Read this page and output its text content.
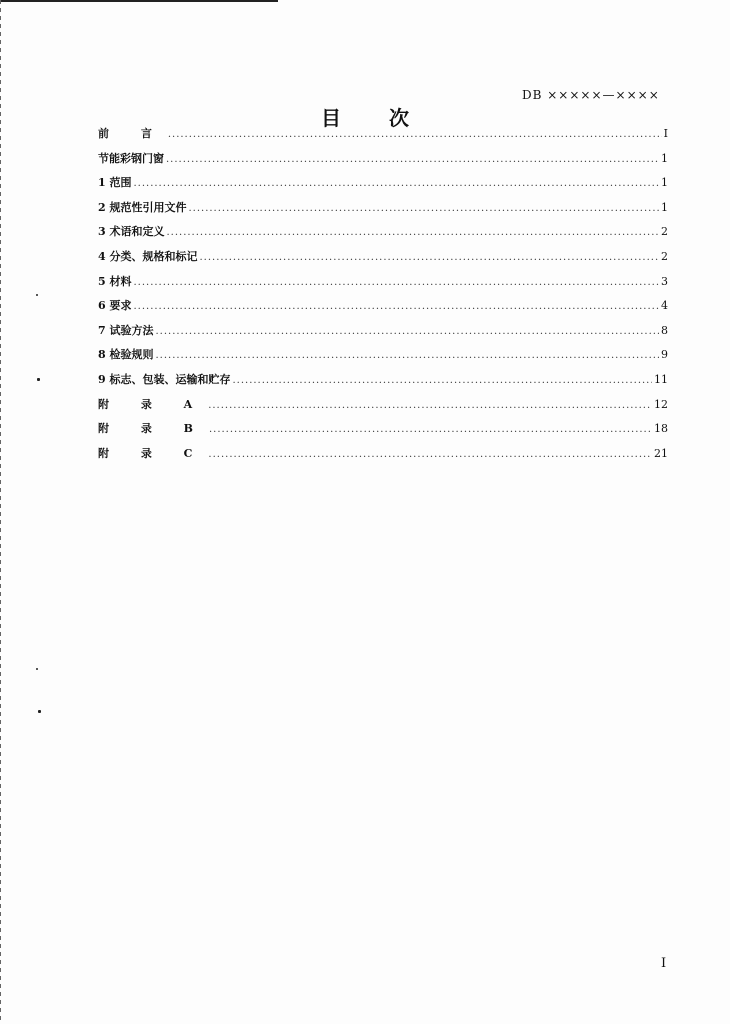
DB ×××××—××××
目次
前 言 .....	I
节能彩钢门窗 .....	1
1 范围 .....	1
2 规范性引用文件 .....	1
3 术语和定义 .....	2
4 分类、规格和标记 .....	2
5 材料 .....	3
6 要求 .....	4
7 试验方法 .....	8
8 检验规则 .....	9
9 标志、包装、运输和贮存 .....	11
附 录 A .....	12
附 录 B .....	18
附 录 C .....	21
I
